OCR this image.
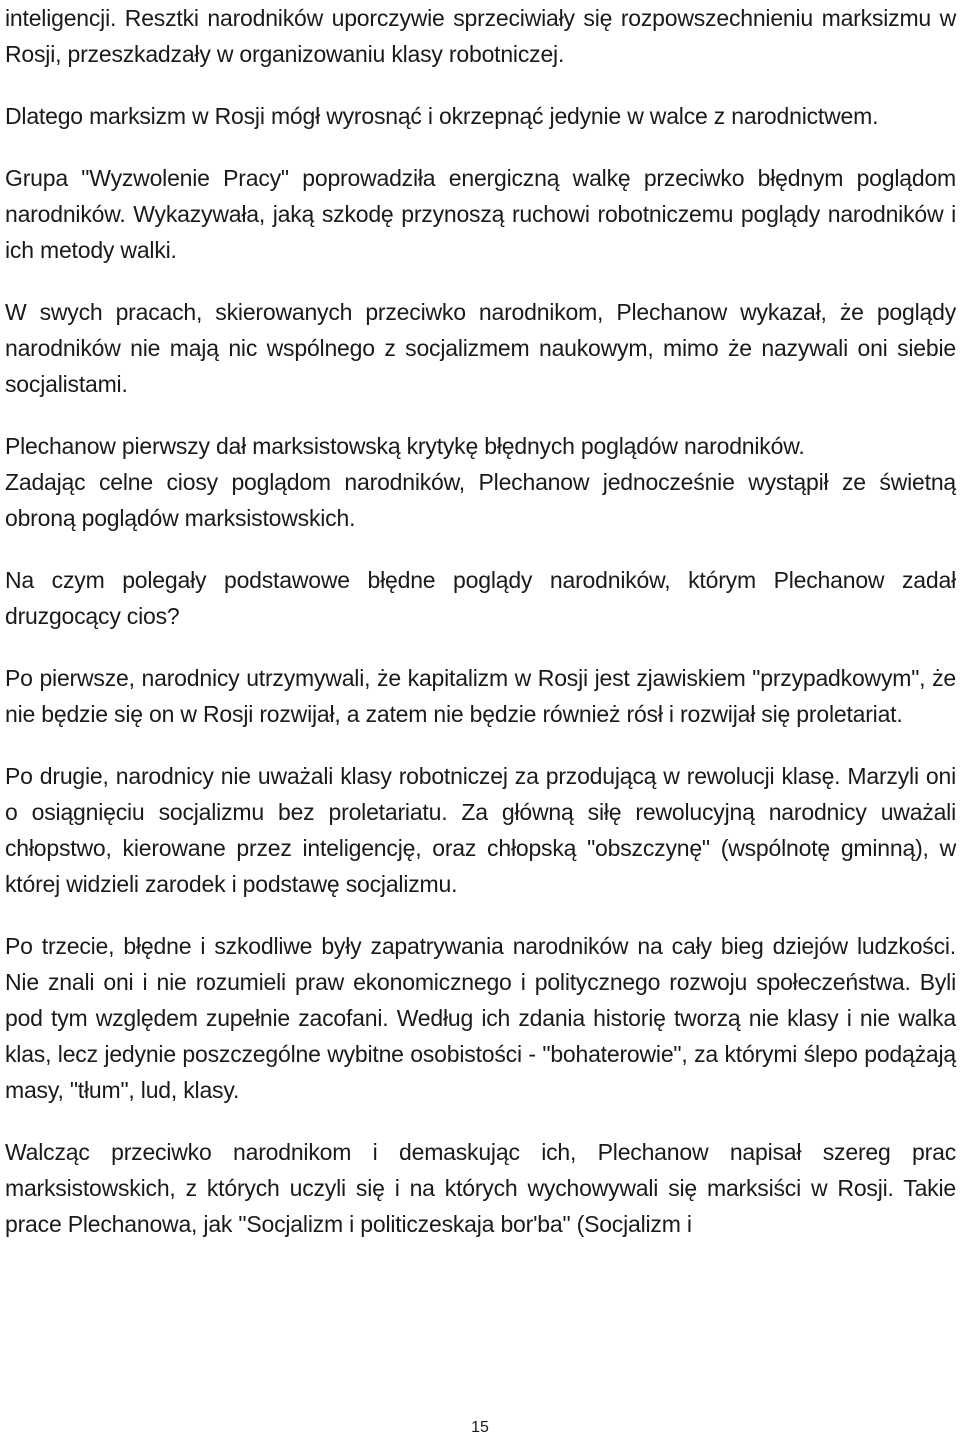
inteligencji. Resztki narodników uporczywie sprzeciwiały się rozpowszechnieniu marksizmu w Rosji, przeszkadzały w organizowaniu klasy robotniczej.

Dlatego marksizm w Rosji mógł wyrosnąć i okrzepnąć jedynie w walce z narodnictwem.

Grupa "Wyzwolenie Pracy" poprowadziła energiczną walkę przeciwko błędnym poglądom narodników. Wykazywała, jaką szkodę przynoszą ruchowi robotniczemu poglądy narodników i ich metody walki.

W swych pracach, skierowanych przeciwko narodnikom, Plechanow wykazał, że poglądy narodników nie mają nic wspólnego z socjalizmem naukowym, mimo że nazywali oni siebie socjalistami.

Plechanow pierwszy dał marksistowską krytykę błędnych poglądów narodników.

Zadając celne ciosy poglądom narodników, Plechanow jednocześnie wystąpił ze świetną obroną poglądów marksistowskich.

Na czym polegały podstawowe błędne poglądy narodników, którym Plechanow zadał druzgocący cios?

Po pierwsze, narodnicy utrzymywali, że kapitalizm w Rosji jest zjawiskiem "przypadkowym", że nie będzie się on w Rosji rozwijał, a zatem nie będzie również rósł i rozwijał się proletariat.

Po drugie, narodnicy nie uważali klasy robotniczej za przodującą w rewolucji klasę. Marzyli oni o osiągnięciu socjalizmu bez proletariatu. Za główną siłę rewolucyjną narodnicy uważali chłopstwo, kierowane przez inteligencję, oraz chłopską "obszczynę" (wspólnotę gminną), w której widzieli zarodek i podstawę socjalizmu.

Po trzecie, błędne i szkodliwe były zapatrywania narodników na cały bieg dziejów ludzkości. Nie znali oni i nie rozumieli praw ekonomicznego i politycznego rozwoju społeczeństwa. Byli pod tym względem zupełnie zacofani. Według ich zdania historię tworzą nie klasy i nie walka klas, lecz jedynie poszczególne wybitne osobistości - "bohaterowie", za którymi ślepo podążają masy, "tłum", lud, klasy.

Walcząc przeciwko narodnikom i demaskując ich, Plechanow napisał szereg prac marksistowskich, z których uczyli się i na których wychowywali się marksiści w Rosji. Takie prace Plechanowa, jak "Socjalizm i politiczeskaja bor'ba" (Socjalizm i

15
